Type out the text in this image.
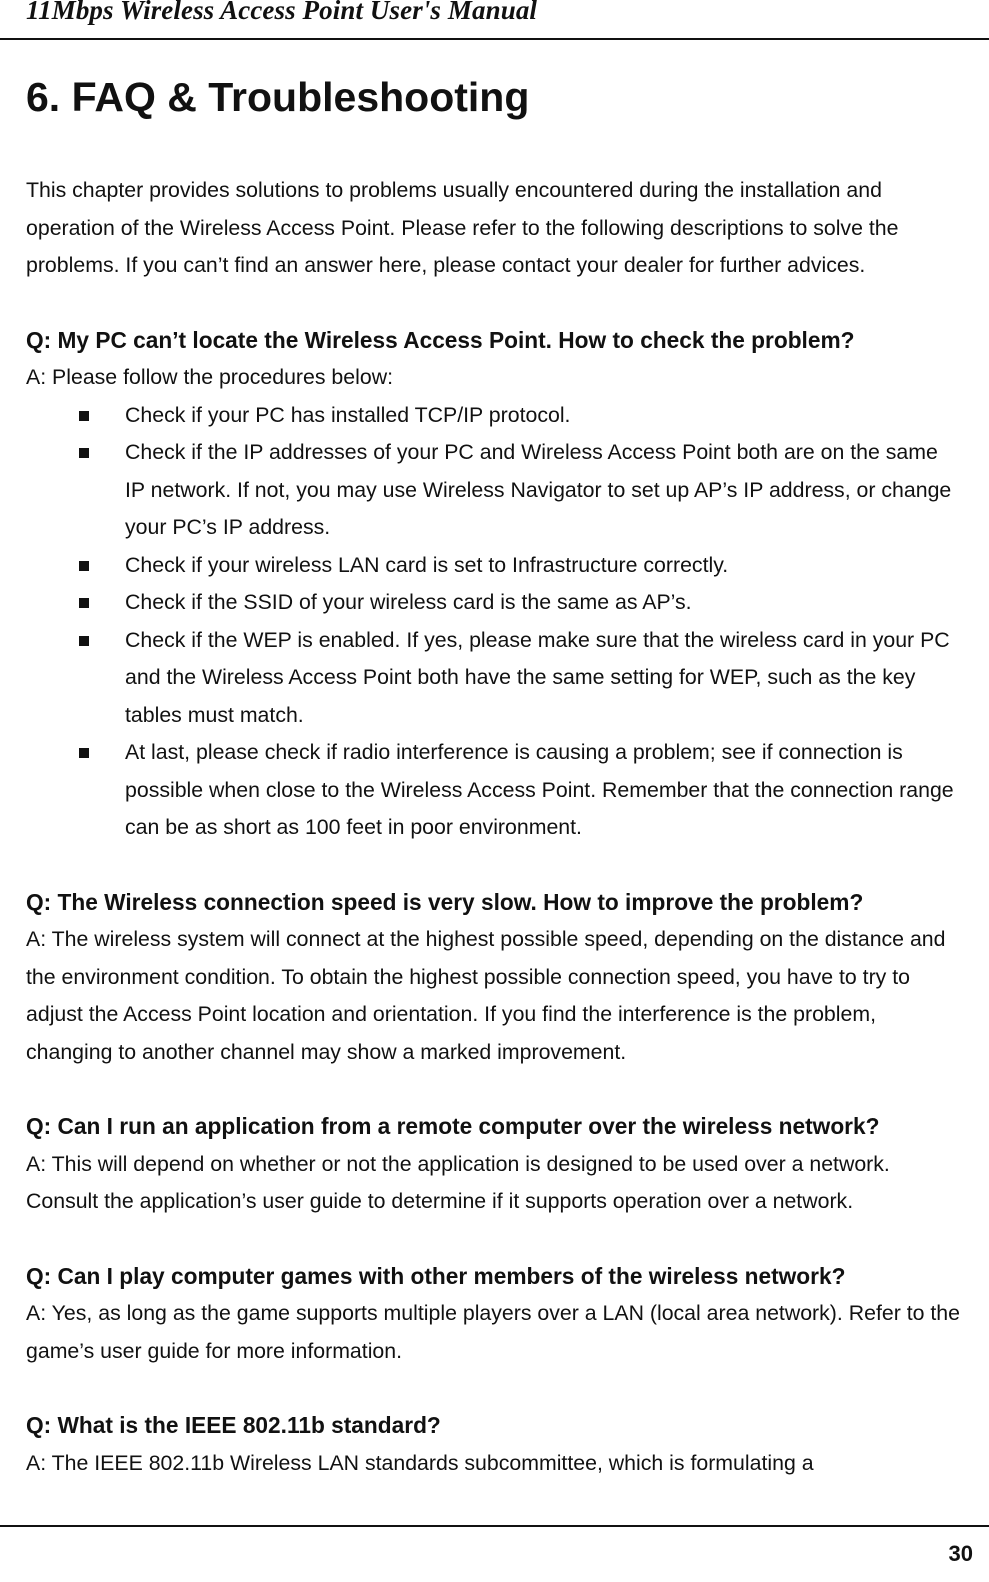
11Mbps Wireless Access Point User's Manual
6. FAQ & Troubleshooting

This chapter provides solutions to problems usually encountered during the installation and operation of the Wireless Access Point. Please refer to the following descriptions to solve the problems. If you can’t find an answer here, please contact your dealer for further advices.

Q: My PC can’t locate the Wireless Access Point. How to check the problem?
A: Please follow the procedures below:
Check if your PC has installed TCP/IP protocol.
Check if the IP addresses of your PC and Wireless Access Point both are on the same IP network. If not, you may use Wireless Navigator to set up AP’s IP address, or change your PC’s IP address.
Check if your wireless LAN card is set to Infrastructure correctly.
Check if the SSID of your wireless card is the same as AP’s.
Check if the WEP is enabled. If yes, please make sure that the wireless card in your PC and the Wireless Access Point both have the same setting for WEP, such as the key tables must match.
At last, please check if radio interference is causing a problem; see if connection is possible when close to the Wireless Access Point. Remember that the connection range can be as short as 100 feet in poor environment.
Q: The Wireless connection speed is very slow. How to improve the problem?
A: The wireless system will connect at the highest possible speed, depending on the distance and the environment condition. To obtain the highest possible connection speed, you have to try to adjust the Access Point location and orientation. If you find the interference is the problem, changing to another channel may show a marked improvement.
Q: Can I run an application from a remote computer over the wireless network?
A: This will depend on whether or not the application is designed to be used over a network. Consult the application’s user guide to determine if it supports operation over a network.
Q: Can I play computer games with other members of the wireless network?
A: Yes, as long as the game supports multiple players over a LAN (local area network). Refer to the game’s user guide for more information.
Q: What is the IEEE 802.11b standard?
A: The IEEE 802.11b Wireless LAN standards subcommittee, which is formulating a
30
